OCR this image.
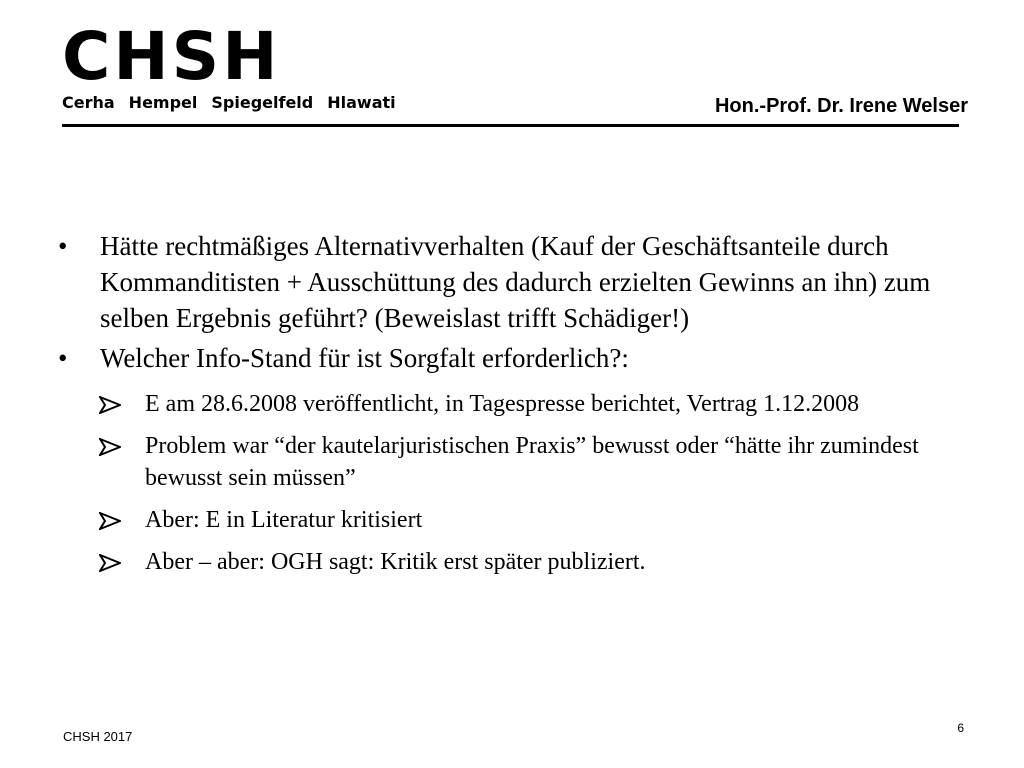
CHSH
Cerha Hempel Spiegelfeld Hlawati	Hon.-Prof. Dr. Irene Welser
•	Hätte rechtmäßiges Alternativverhalten (Kauf der Geschäftsanteile durch Kommanditisten + Ausschüttung des dadurch erzielten Gewinns an ihn) zum selben Ergebnis geführt? (Beweislast trifft Schädiger!)
•	Welcher Info-Stand für ist Sorgfalt erforderlich?:
E am 28.6.2008 veröffentlicht, in Tagespresse berichtet, Vertrag 1.12.2008
Problem war “der kautelarjuristischen Praxis” bewusst oder “hätte ihr zumindest bewusst sein müssen”
Aber: E in Literatur kritisiert
Aber – aber: OGH sagt: Kritik erst später publiziert.
CHSH 2017
6
